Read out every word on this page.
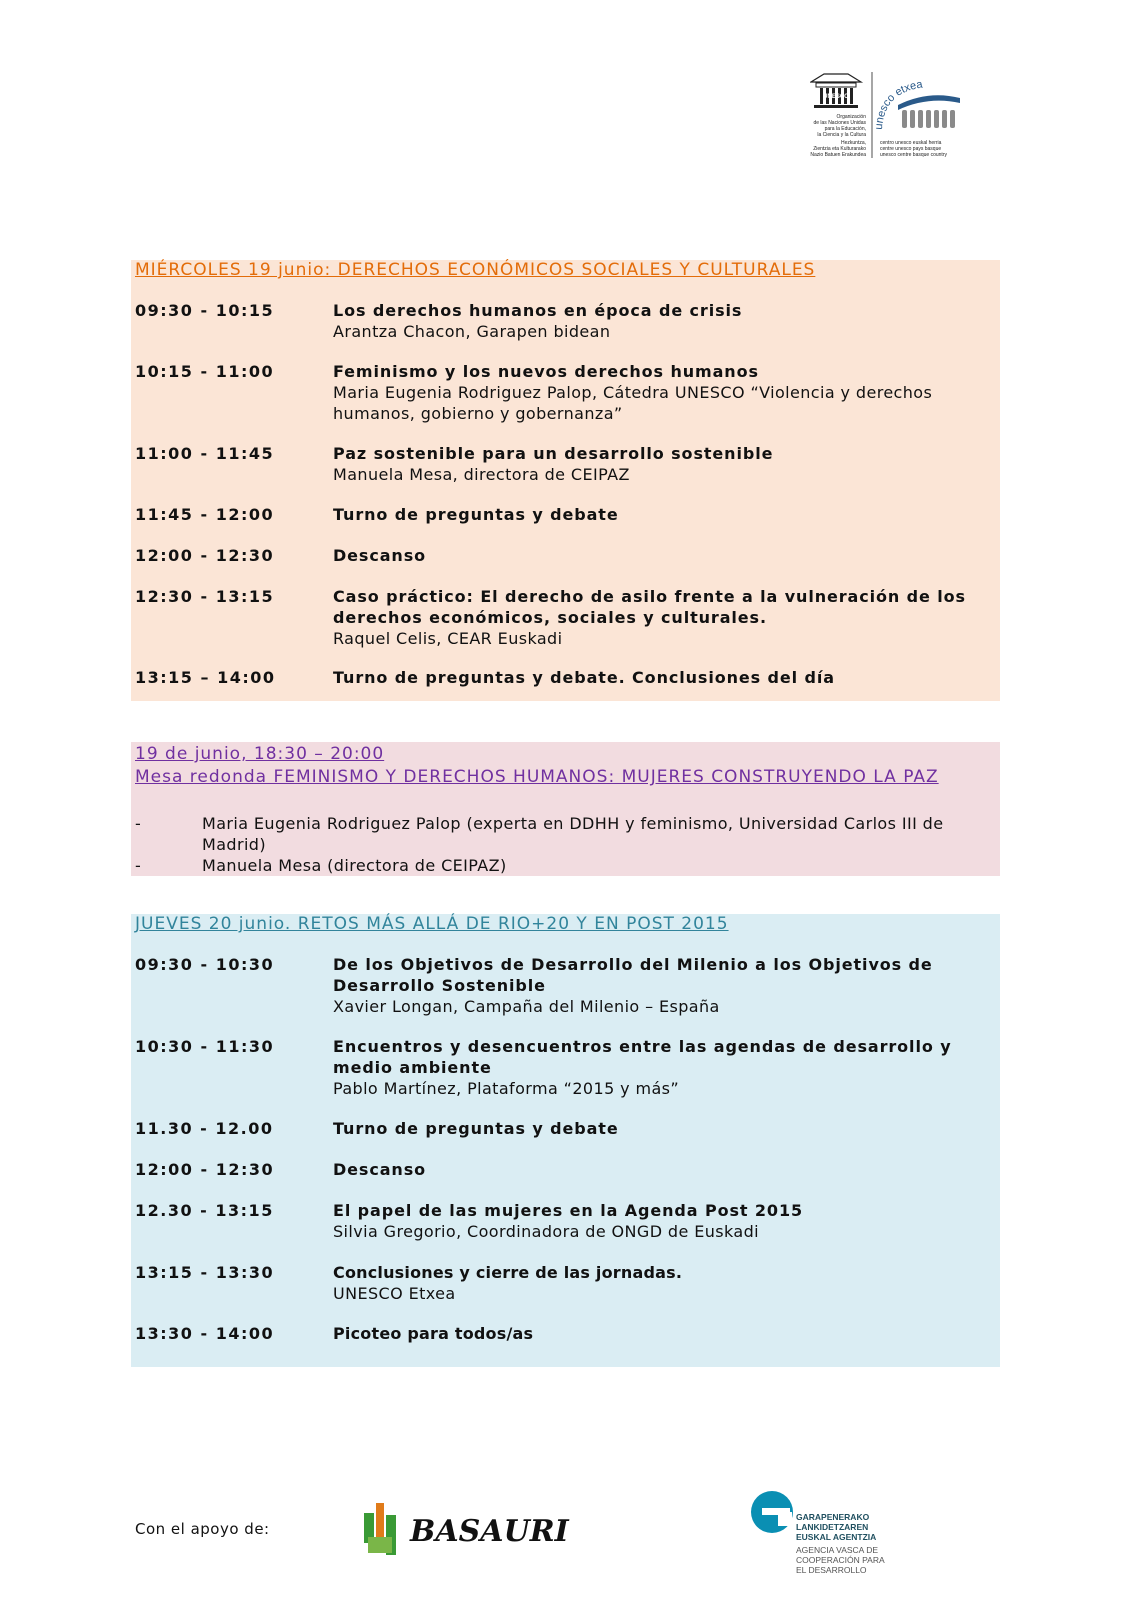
UNESCO
Organización
de las Naciones Unidas
para la Educación,
la Ciencia y la Cultura
Hezkuntza,
Zientzia eta Kulturarako
Nazio Batuen Erakundea
unesco etxea
centro unesco euskal herria
centre unesco pays basque
unesco centre basque country
MIÉRCOLES 19 junio: DERECHOS ECONÓMICOS SOCIALES Y CULTURALES
09:30 - 10:15	Los derechos humanos en época de crisis
Arantza Chacon, Garapen bidean
10:15 - 11:00	Feminismo y los nuevos derechos humanos
Maria Eugenia Rodriguez Palop, Cátedra UNESCO “Violencia y derechos humanos, gobierno y gobernanza”
11:00 - 11:45	Paz sostenible para un desarrollo sostenible
Manuela Mesa, directora de CEIPAZ
11:45 - 12:00	Turno de preguntas y debate
12:00 - 12:30	Descanso
12:30 - 13:15	Caso práctico: El derecho de asilo frente a la vulneración de los derechos económicos, sociales y culturales.
Raquel Celis, CEAR Euskadi
13:15 – 14:00	Turno de preguntas y debate. Conclusiones del día
19 de junio, 18:30 – 20:00
Mesa redonda FEMINISMO Y DERECHOS HUMANOS: MUJERES CONSTRUYENDO LA PAZ
-	Maria Eugenia Rodriguez Palop (experta en DDHH y feminismo, Universidad Carlos III de Madrid)
-	Manuela Mesa (directora de CEIPAZ)
JUEVES 20 junio. RETOS MÁS ALLÁ DE RIO+20 Y EN POST 2015
09:30 - 10:30	De los Objetivos de Desarrollo del Milenio a los Objetivos de Desarrollo Sostenible
Xavier Longan, Campaña del Milenio – España
10:30 - 11:30	Encuentros y desencuentros entre las agendas de desarrollo y medio ambiente
Pablo Martínez, Plataforma “2015 y más”
11.30 - 12.00	Turno de preguntas y debate
12:00 - 12:30	Descanso
12.30 - 13:15	El papel de las mujeres en la Agenda Post 2015
Silvia Gregorio, Coordinadora de ONGD de Euskadi
13:15 - 13:30	Conclusiones y cierre de las jornadas.
UNESCO Etxea
13:30 - 14:00	Picoteo para todos/as
Con el apoyo de:	BASAURI	GARAPENERAKO
LANKIDETZAREN
EUSKAL AGENTZIA
AGENCIA VASCA DE
COOPERACIÓN PARA
EL DESARROLLO
